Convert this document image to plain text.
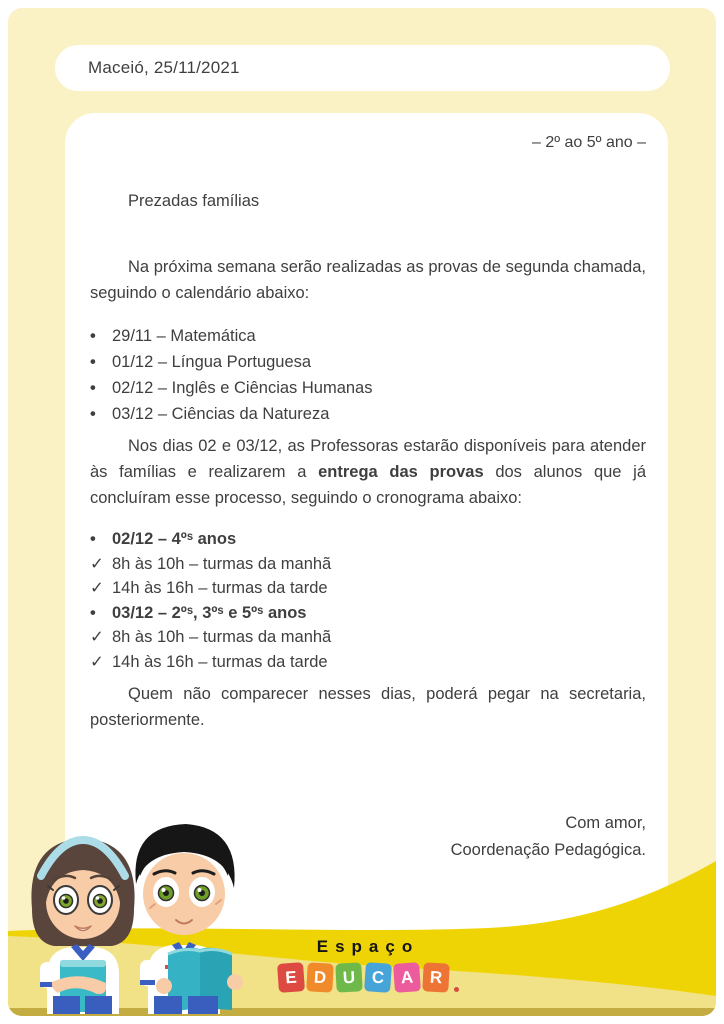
Maceió, 25/11/2021
– 2º ao 5º ano –
Prezadas famílias

Na próxima semana serão realizadas as provas de segunda chamada, seguindo o calendário abaixo:

• 29/11 – Matemática
• 01/12 – Língua Portuguesa
• 02/12 – Inglês e Ciências Humanas
• 03/12 – Ciências da Natureza

Nos dias 02 e 03/12, as Professoras estarão disponíveis para atender às famílias e realizarem a entrega das provas dos alunos que já concluíram esse processo, seguindo o cronograma abaixo:

• 02/12 – 4ºˢ anos
✓ 8h às 10h – turmas da manhã
✓ 14h às 16h – turmas da tarde
• 03/12 – 2ºˢ, 3ºˢ e 5ºˢ anos
✓ 8h às 10h – turmas da manhã
✓ 14h às 16h – turmas da tarde

Quem não comparecer nesses dias, poderá pegar na secretaria, posteriormente.

Com amor,
Coordenação Pedagógica.
Espaço
E D U C A R
